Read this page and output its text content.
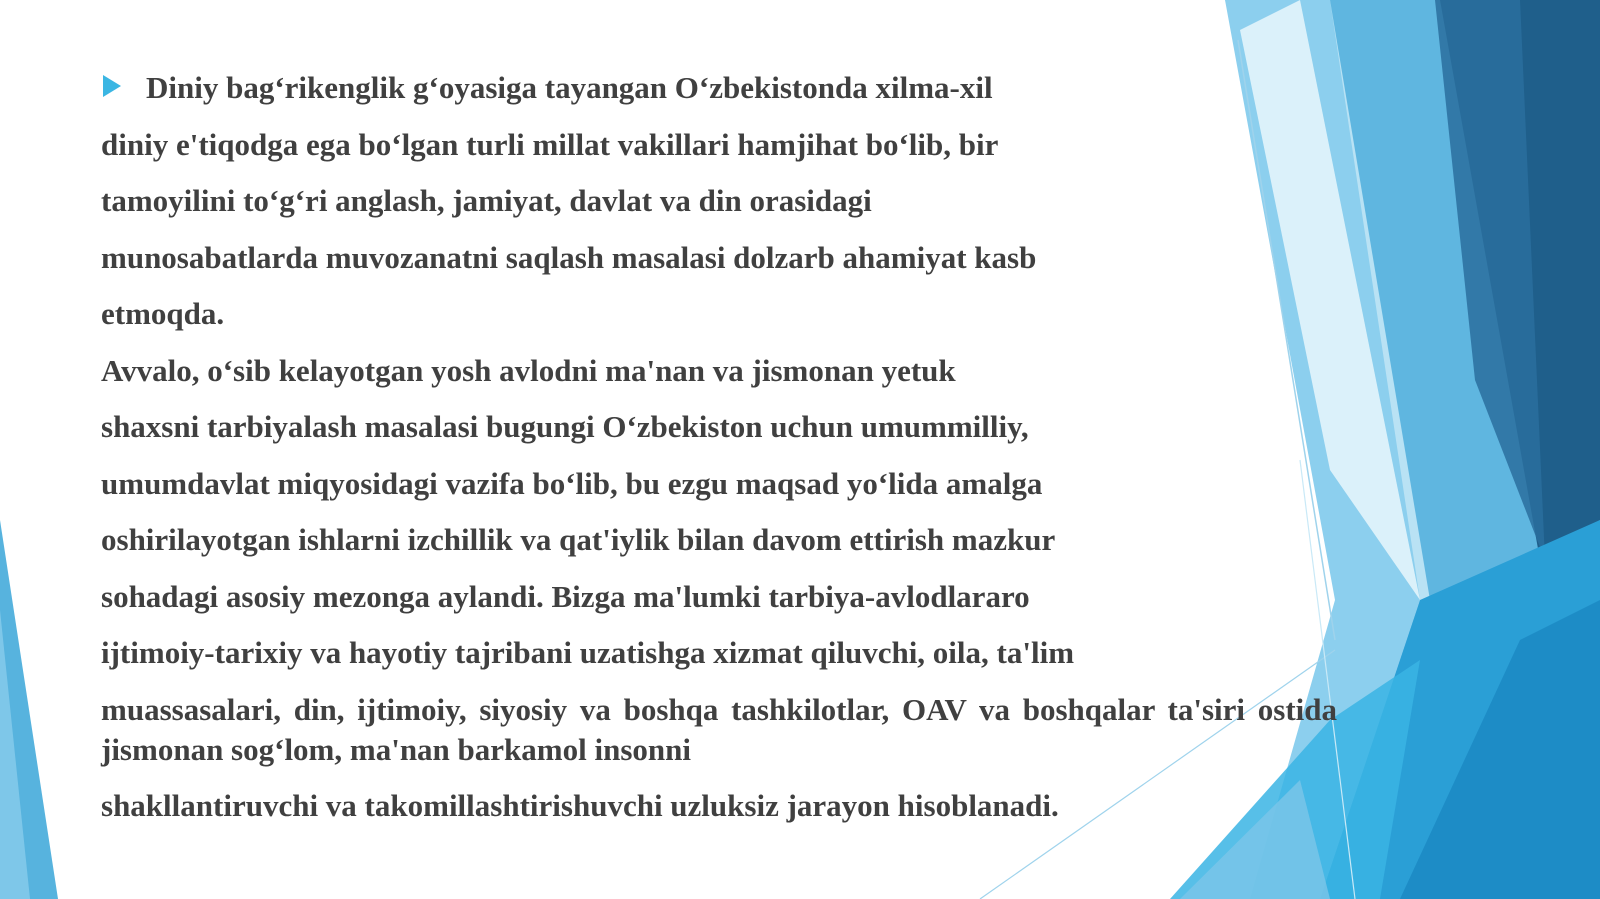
Diniy bag‘rikenglik g‘oyasiga tayangan O‘zbekistonda xilma-xil
diniy e'tiqodga ega bo‘lgan turli millat vakillari hamjihat bo‘lib, bir
tamoyilini to‘g‘ri anglash, jamiyat, davlat va din orasidagi
munosabatlarda muvozanatni saqlash masalasi dolzarb ahamiyat kasb
etmoqda.
Avvalo, o‘sib kelayotgan yosh avlodni ma'nan va jismonan yetuk
shaxsni tarbiyalash masalasi bugungi O‘zbekiston uchun umummilliy,
umumdavlat miqyosidagi vazifa bo‘lib, bu ezgu maqsad yo‘lida amalga
oshirilayotgan ishlarni izchillik va qat'iylik bilan davom ettirish mazkur
sohadagi asosiy mezonga aylandi. Bizga ma'lumki tarbiya-avlodlararo
ijtimoiy-tarixiy va hayotiy tajribani uzatishga xizmat qiluvchi, oila, ta'lim
muassasalari, din, ijtimoiy, siyosiy va boshqa tashkilotlar, OAV va boshqalar ta'siri ostida jismonan sog‘lom, ma'nan barkamol insonni
shakllantiruvchi va takomillashtirishuvchi uzluksiz jarayon hisoblanadi.
